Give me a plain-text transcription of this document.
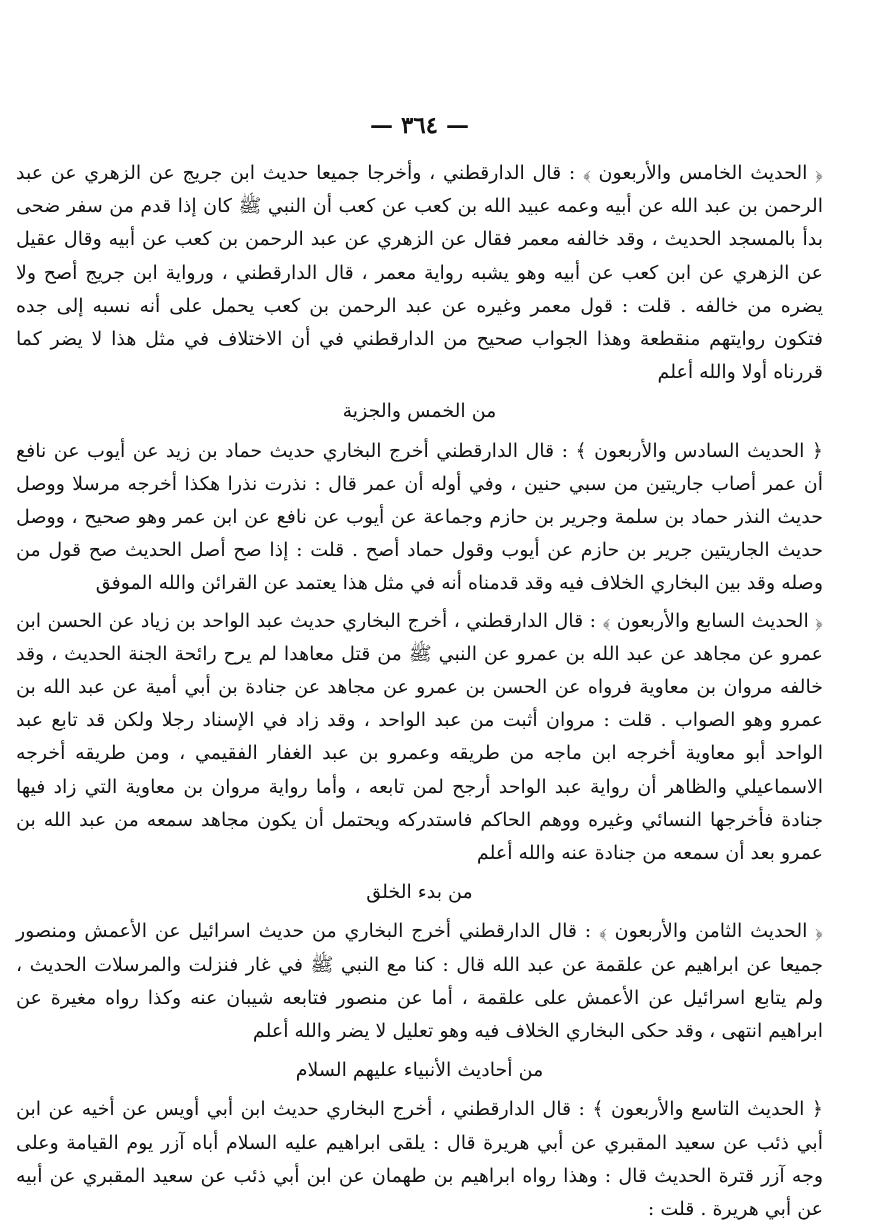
— ٣٦٤ —

﴿ الحديث الخامس والأربعون ﴾ : قال الدارقطني ، وأخرجا جميعا حديث ابن جريج عن الزهري عن عبد الرحمن بن عبد الله عن أبيه وعمه عبيد الله بن كعب عن كعب أن النبي ﷺ كان إذا قدم من سفر ضحى بدأ بالمسجد الحديث ، وقد خالفه معمر فقال عن الزهري عن عبد الرحمن بن كعب عن أبيه وقال عقيل عن الزهري عن ابن كعب عن أبيه وهو يشبه رواية معمر ، قال الدارقطني ، ورواية ابن جريج أصح ولا يضره من خالفه . قلت : قول معمر وغيره عن عبد الرحمن بن كعب يحمل على أنه نسبه إلى جده فتكون روايتهم منقطعة وهذا الجواب صحيح من الدارقطني في أن الاختلاف في مثل هذا لا يضر كما قررناه أولا والله أعلم

من الخمس والجزية

﴿ الحديث السادس والأربعون ﴾ : قال الدارقطني أخرج البخاري حديث حماد بن زيد عن أيوب عن نافع أن عمر أصاب جاريتين من سبي حنين ، وفي أوله أن عمر قال : نذرت نذرا هكذا أخرجه مرسلا ووصل حديث النذر حماد بن سلمة وجرير بن حازم وجماعة عن أيوب عن نافع عن ابن عمر وهو صحيح ، ووصل حديث الجاريتين جرير بن حازم عن أيوب وقول حماد أصح . قلت : إذا صح أصل الحديث صح قول من وصله وقد بين البخاري الخلاف فيه وقد قدمناه أنه في مثل هذا يعتمد عن القرائن والله الموفق

﴿ الحديث السابع والأربعون ﴾ : قال الدارقطني ، أخرج البخاري حديث عبد الواحد بن زياد عن الحسن ابن عمرو عن مجاهد عن عبد الله بن عمرو عن النبي ﷺ من قتل معاهدا لم يرح رائحة الجنة الحديث ، وقد خالفه مروان بن معاوية فرواه عن الحسن بن عمرو عن مجاهد عن جنادة بن أبي أمية عن عبد الله بن عمرو وهو الصواب . قلت : مروان أثبت من عبد الواحد ، وقد زاد في الإسناد رجلا ولكن قد تابع عبد الواحد أبو معاوية أخرجه ابن ماجه من طريقه وعمرو بن عبد الغفار الفقيمي ، ومن طريقه أخرجه الاسماعيلي والظاهر أن رواية عبد الواحد أرجح لمن تابعه ، وأما رواية مروان بن معاوية التي زاد فيها جنادة فأخرجها النسائي وغيره ووهم الحاكم فاستدركه ويحتمل أن يكون مجاهد سمعه من عبد الله بن عمرو بعد أن سمعه من جنادة عنه والله أعلم

من بدء الخلق

﴿ الحديث الثامن والأربعون ﴾ : قال الدارقطني أخرج البخاري من حديث اسرائيل عن الأعمش ومنصور جميعا عن ابراهيم عن علقمة عن عبد الله قال : كنا مع النبي ﷺ في غار فنزلت والمرسلات الحديث ، ولم يتابع اسرائيل عن الأعمش على علقمة ، أما عن منصور فتابعه شيبان عنه وكذا رواه مغيرة عن ابراهيم انتهى ، وقد حكى البخاري الخلاف فيه وهو تعليل لا يضر والله أعلم

من أحاديث الأنبياء عليهم السلام

﴿ الحديث التاسع والأربعون ﴾ : قال الدارقطني ، أخرج البخاري حديث ابن أبي أويس عن أخيه عن ابن أبي ذئب عن سعيد المقبري عن أبي هريرة قال : يلقى ابراهيم عليه السلام أباه آزر يوم القيامة وعلى وجه آزر قترة الحديث قال : وهذا رواه ابراهيم بن طهمان عن ابن أبي ذئب عن سعيد المقبري عن أبيه عن أبي هريرة . قلت :
